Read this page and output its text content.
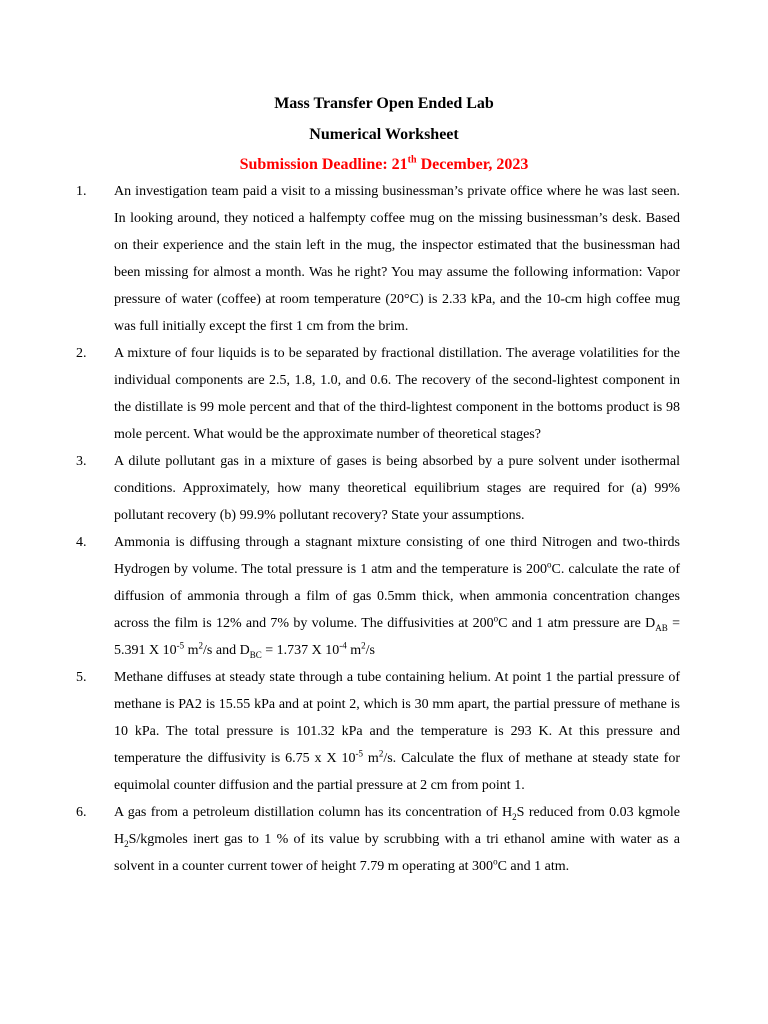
Mass Transfer Open Ended Lab

Numerical Worksheet

Submission Deadline: 21th December, 2023

1. An investigation team paid a visit to a missing businessman’s private office where he was last seen. In looking around, they noticed a halfempty coffee mug on the missing businessman’s desk. Based on their experience and the stain left in the mug, the inspector estimated that the businessman had been missing for almost a month. Was he right? You may assume the following information: Vapor pressure of water (coffee) at room temperature (20°C) is 2.33 kPa, and the 10-cm high coffee mug was full initially except the first 1 cm from the brim.
2. A mixture of four liquids is to be separated by fractional distillation. The average volatilities for the individual components are 2.5, 1.8, 1.0, and 0.6. The recovery of the second-lightest component in the distillate is 99 mole percent and that of the third-lightest component in the bottoms product is 98 mole percent. What would be the approximate number of theoretical stages?
3. A dilute pollutant gas in a mixture of gases is being absorbed by a pure solvent under isothermal conditions. Approximately, how many theoretical equilibrium stages are required for (a) 99% pollutant recovery (b) 99.9% pollutant recovery? State your assumptions.
4. Ammonia is diffusing through a stagnant mixture consisting of one third Nitrogen and two-thirds Hydrogen by volume. The total pressure is 1 atm and the temperature is 200$^o$C. calculate the rate of diffusion of ammonia through a film of gas 0.5mm thick, when ammonia concentration changes across the film is 12% and 7% by volume. The diffusivities at 200$^o$C and 1 atm pressure are $D_{AB} = 5.391$ X $10^{-5}$ $m^2/s$ and $D_{BC} = 1.737$ X $10^{-4}$ $m^2/s$
5. Methane diffuses at steady state through a tube containing helium. At point 1 the partial pressure of methane is PA2 is 15.55 kPa and at point 2, which is 30 mm apart, the partial pressure of methane is 10 kPa. The total pressure is 101.32 kPa and the temperature is 293 K. At this pressure and temperature the diffusivity is 6.75 x X $10^{-5}$ $m^2/s$. Calculate the flux of methane at steady state for equimolal counter diffusion and the partial pressure at 2 cm from point 1.
6. A gas from a petroleum distillation column has its concentration of $H_2S$ reduced from 0.03 kgmole $H_2S$/kgmoles inert gas to 1 % of its value by scrubbing with a tri ethanol amine with water as a solvent in a counter current tower of height 7.79 m operating at 300$^o$C and 1 atm.
